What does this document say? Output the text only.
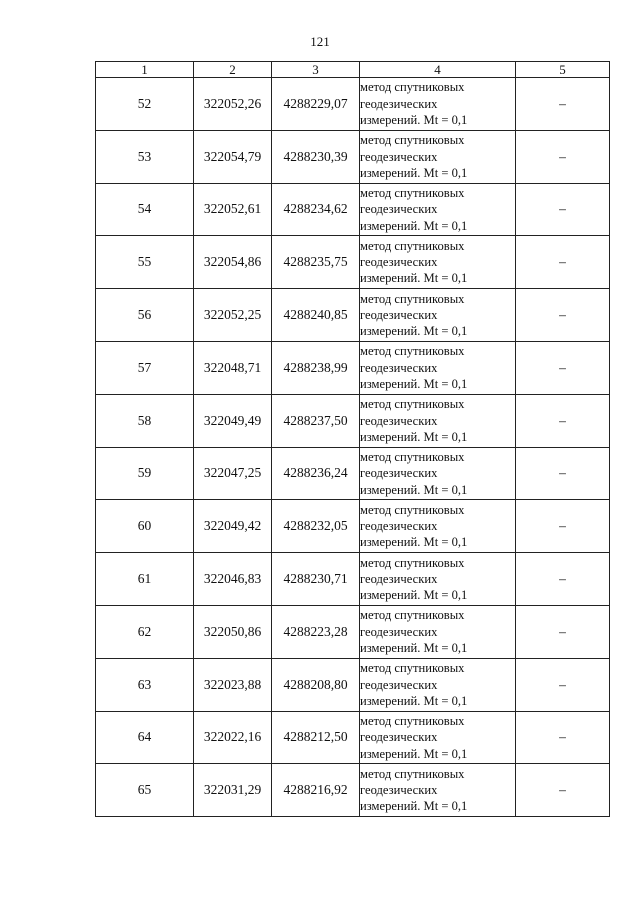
121
1	2	3	4	5
52	322052,26	4288229,07	метод спутниковых
геодезических
измерений. Mt = 0,1	–
53	322054,79	4288230,39	метод спутниковых
геодезических
измерений. Mt = 0,1	–
54	322052,61	4288234,62	метод спутниковых
геодезических
измерений. Mt = 0,1	–
55	322054,86	4288235,75	метод спутниковых
геодезических
измерений. Mt = 0,1	–
56	322052,25	4288240,85	метод спутниковых
геодезических
измерений. Mt = 0,1	–
57	322048,71	4288238,99	метод спутниковых
геодезических
измерений. Mt = 0,1	–
58	322049,49	4288237,50	метод спутниковых
геодезических
измерений. Mt = 0,1	–
59	322047,25	4288236,24	метод спутниковых
геодезических
измерений. Mt = 0,1	–
60	322049,42	4288232,05	метод спутниковых
геодезических
измерений. Mt = 0,1	–
61	322046,83	4288230,71	метод спутниковых
геодезических
измерений. Mt = 0,1	–
62	322050,86	4288223,28	метод спутниковых
геодезических
измерений. Mt = 0,1	–
63	322023,88	4288208,80	метод спутниковых
геодезических
измерений. Mt = 0,1	–
64	322022,16	4288212,50	метод спутниковых
геодезических
измерений. Mt = 0,1	–
65	322031,29	4288216,92	метод спутниковых
геодезических
измерений. Mt = 0,1	–
